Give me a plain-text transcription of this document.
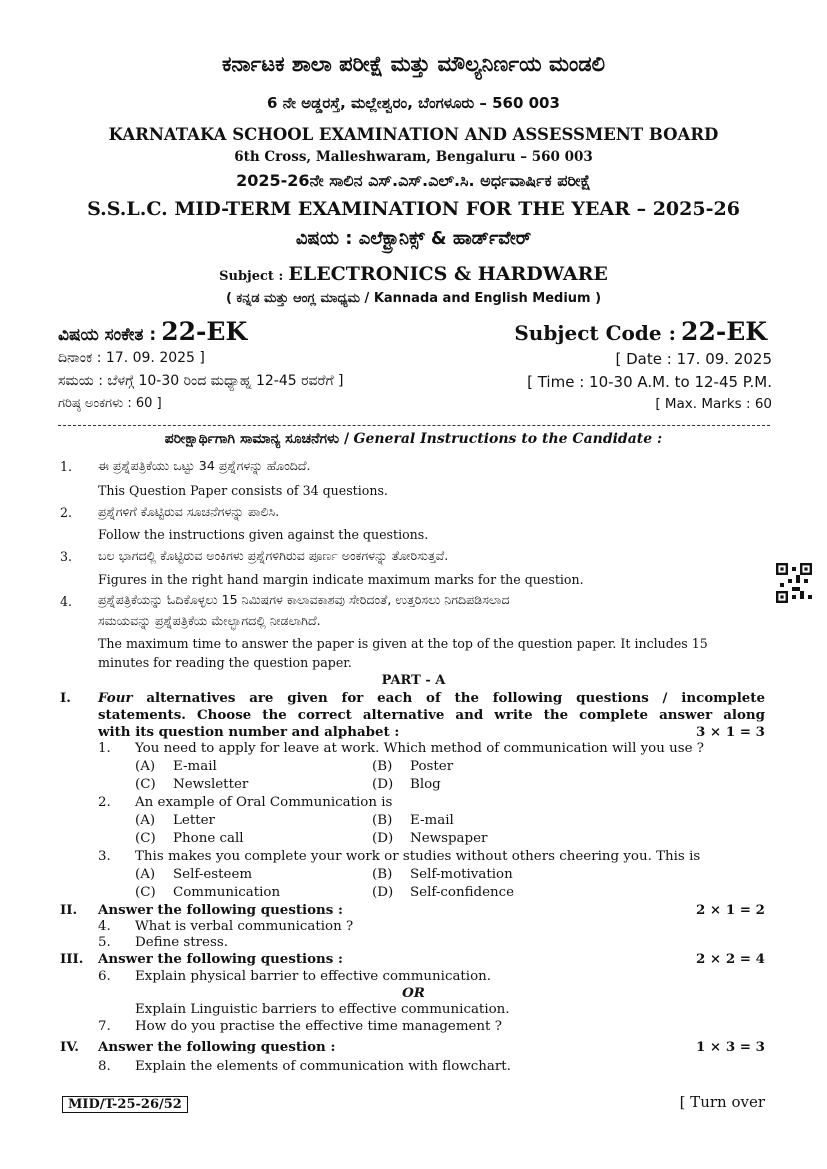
ಕರ್ನಾಟಕ ಶಾಲಾ ಪರೀಕ್ಷೆ ಮತ್ತು ಮೌಲ್ಯನಿರ್ಣಯ ಮಂಡಲಿ
6 ನೇ ಅಡ್ಡರಸ್ತೆ, ಮಲ್ಲೇಶ್ವರಂ, ಬೆಂಗಳೂರು – 560 003
KARNATAKA SCHOOL EXAMINATION AND ASSESSMENT BOARD
6th Cross, Malleshwaram, Bengaluru – 560 003
2025-26ನೇ ಸಾಲಿನ ಎಸ್.ಎಸ್.ಎಲ್.ಸಿ. ಅರ್ಧವಾರ್ಷಿಕ ಪರೀಕ್ಷೆ
S.S.L.C. MID-TERM EXAMINATION FOR THE YEAR – 2025-26
ವಿಷಯ : ಎಲೆಕ್ಟ್ರಾನಿಕ್ಸ್ & ಹಾರ್ಡ್‌ವೇರ್
Subject : ELECTRONICS & HARDWARE
( ಕನ್ನಡ ಮತ್ತು ಆಂಗ್ಲ ಮಾಧ್ಯಮ / Kannada and English Medium )
ವಿಷಯ ಸಂಕೇತ : 22-EK	Subject Code : 22-EK
ದಿನಾಂಕ : 17. 09. 2025 ]	[ Date : 17. 09. 2025
ಸಮಯ : ಬೆಳಗ್ಗೆ 10-30 ರಿಂದ ಮಧ್ಯಾಹ್ನ 12-45 ರವರೆಗೆ ]	[ Time : 10-30 A.M. to 12-45 P.M.
ಗರಿಷ್ಠ ಅಂಕಗಳು : 60 ]	[ Max. Marks : 60
ಪರೀಕ್ಷಾರ್ಥಿಗಾಗಿ ಸಾಮಾನ್ಯ ಸೂಚನೆಗಳು / General Instructions to the Candidate :
1. ಈ ಪ್ರಶ್ನೆಪತ್ರಿಕೆಯು ಒಟ್ಟು 34 ಪ್ರಶ್ನೆಗಳನ್ನು ಹೊಂದಿದೆ.
This Question Paper consists of 34 questions.
2. ಪ್ರಶ್ನೆಗಳಿಗೆ ಕೊಟ್ಟಿರುವ ಸೂಚನೆಗಳನ್ನು ಪಾಲಿಸಿ.
Follow the instructions given against the questions.
3. ಬಲ ಭಾಗದಲ್ಲಿ ಕೊಟ್ಟಿರುವ ಅಂಕಿಗಳು ಪ್ರಶ್ನೆಗಳಿಗಿರುವ ಪೂರ್ಣ ಅಂಕಗಳನ್ನು ತೋರಿಸುತ್ತವೆ.
Figures in the right hand margin indicate maximum marks for the question.
4. ಪ್ರಶ್ನೆಪತ್ರಿಕೆಯನ್ನು ಓದಿಕೊಳ್ಳಲು 15 ನಿಮಿಷಗಳ ಕಾಲಾವಕಾಶವು ಸೇರಿದಂತೆ, ಉತ್ತರಿಸಲು ನಿಗದಿಪಡಿಸಲಾದ
ಸಮಯವನ್ನು ಪ್ರಶ್ನೆಪತ್ರಿಕೆಯ ಮೇಲ್ಭಾಗದಲ್ಲಿ ನೀಡಲಾಗಿದೆ.
The maximum time to answer the paper is given at the top of the question paper. It includes 15
minutes for reading the question paper.
PART - A
I. Four alternatives are given for each of the following questions / incomplete
statements. Choose the correct alternative and write the complete answer along
with its question number and alphabet :	3 × 1 = 3
1. You need to apply for leave at work. Which method of communication will you use ?
(A) E-mail	(B) Poster
(C) Newsletter	(D) Blog
2. An example of Oral Communication is
(A) Letter	(B) E-mail
(C) Phone call	(D) Newspaper
3. This makes you complete your work or studies without others cheering you. This is
(A) Self-esteem	(B) Self-motivation
(C) Communication	(D) Self-confidence
II. Answer the following questions :	2 × 1 = 2
4. What is verbal communication ?
5. Define stress.
III. Answer the following questions :	2 × 2 = 4
6. Explain physical barrier to effective communication.
OR
Explain Linguistic barriers to effective communication.
7. How do you practise the effective time management ?
IV. Answer the following question :	1 × 3 = 3
8. Explain the elements of communication with flowchart.
MID/T-25-26/52	[ Turn over
